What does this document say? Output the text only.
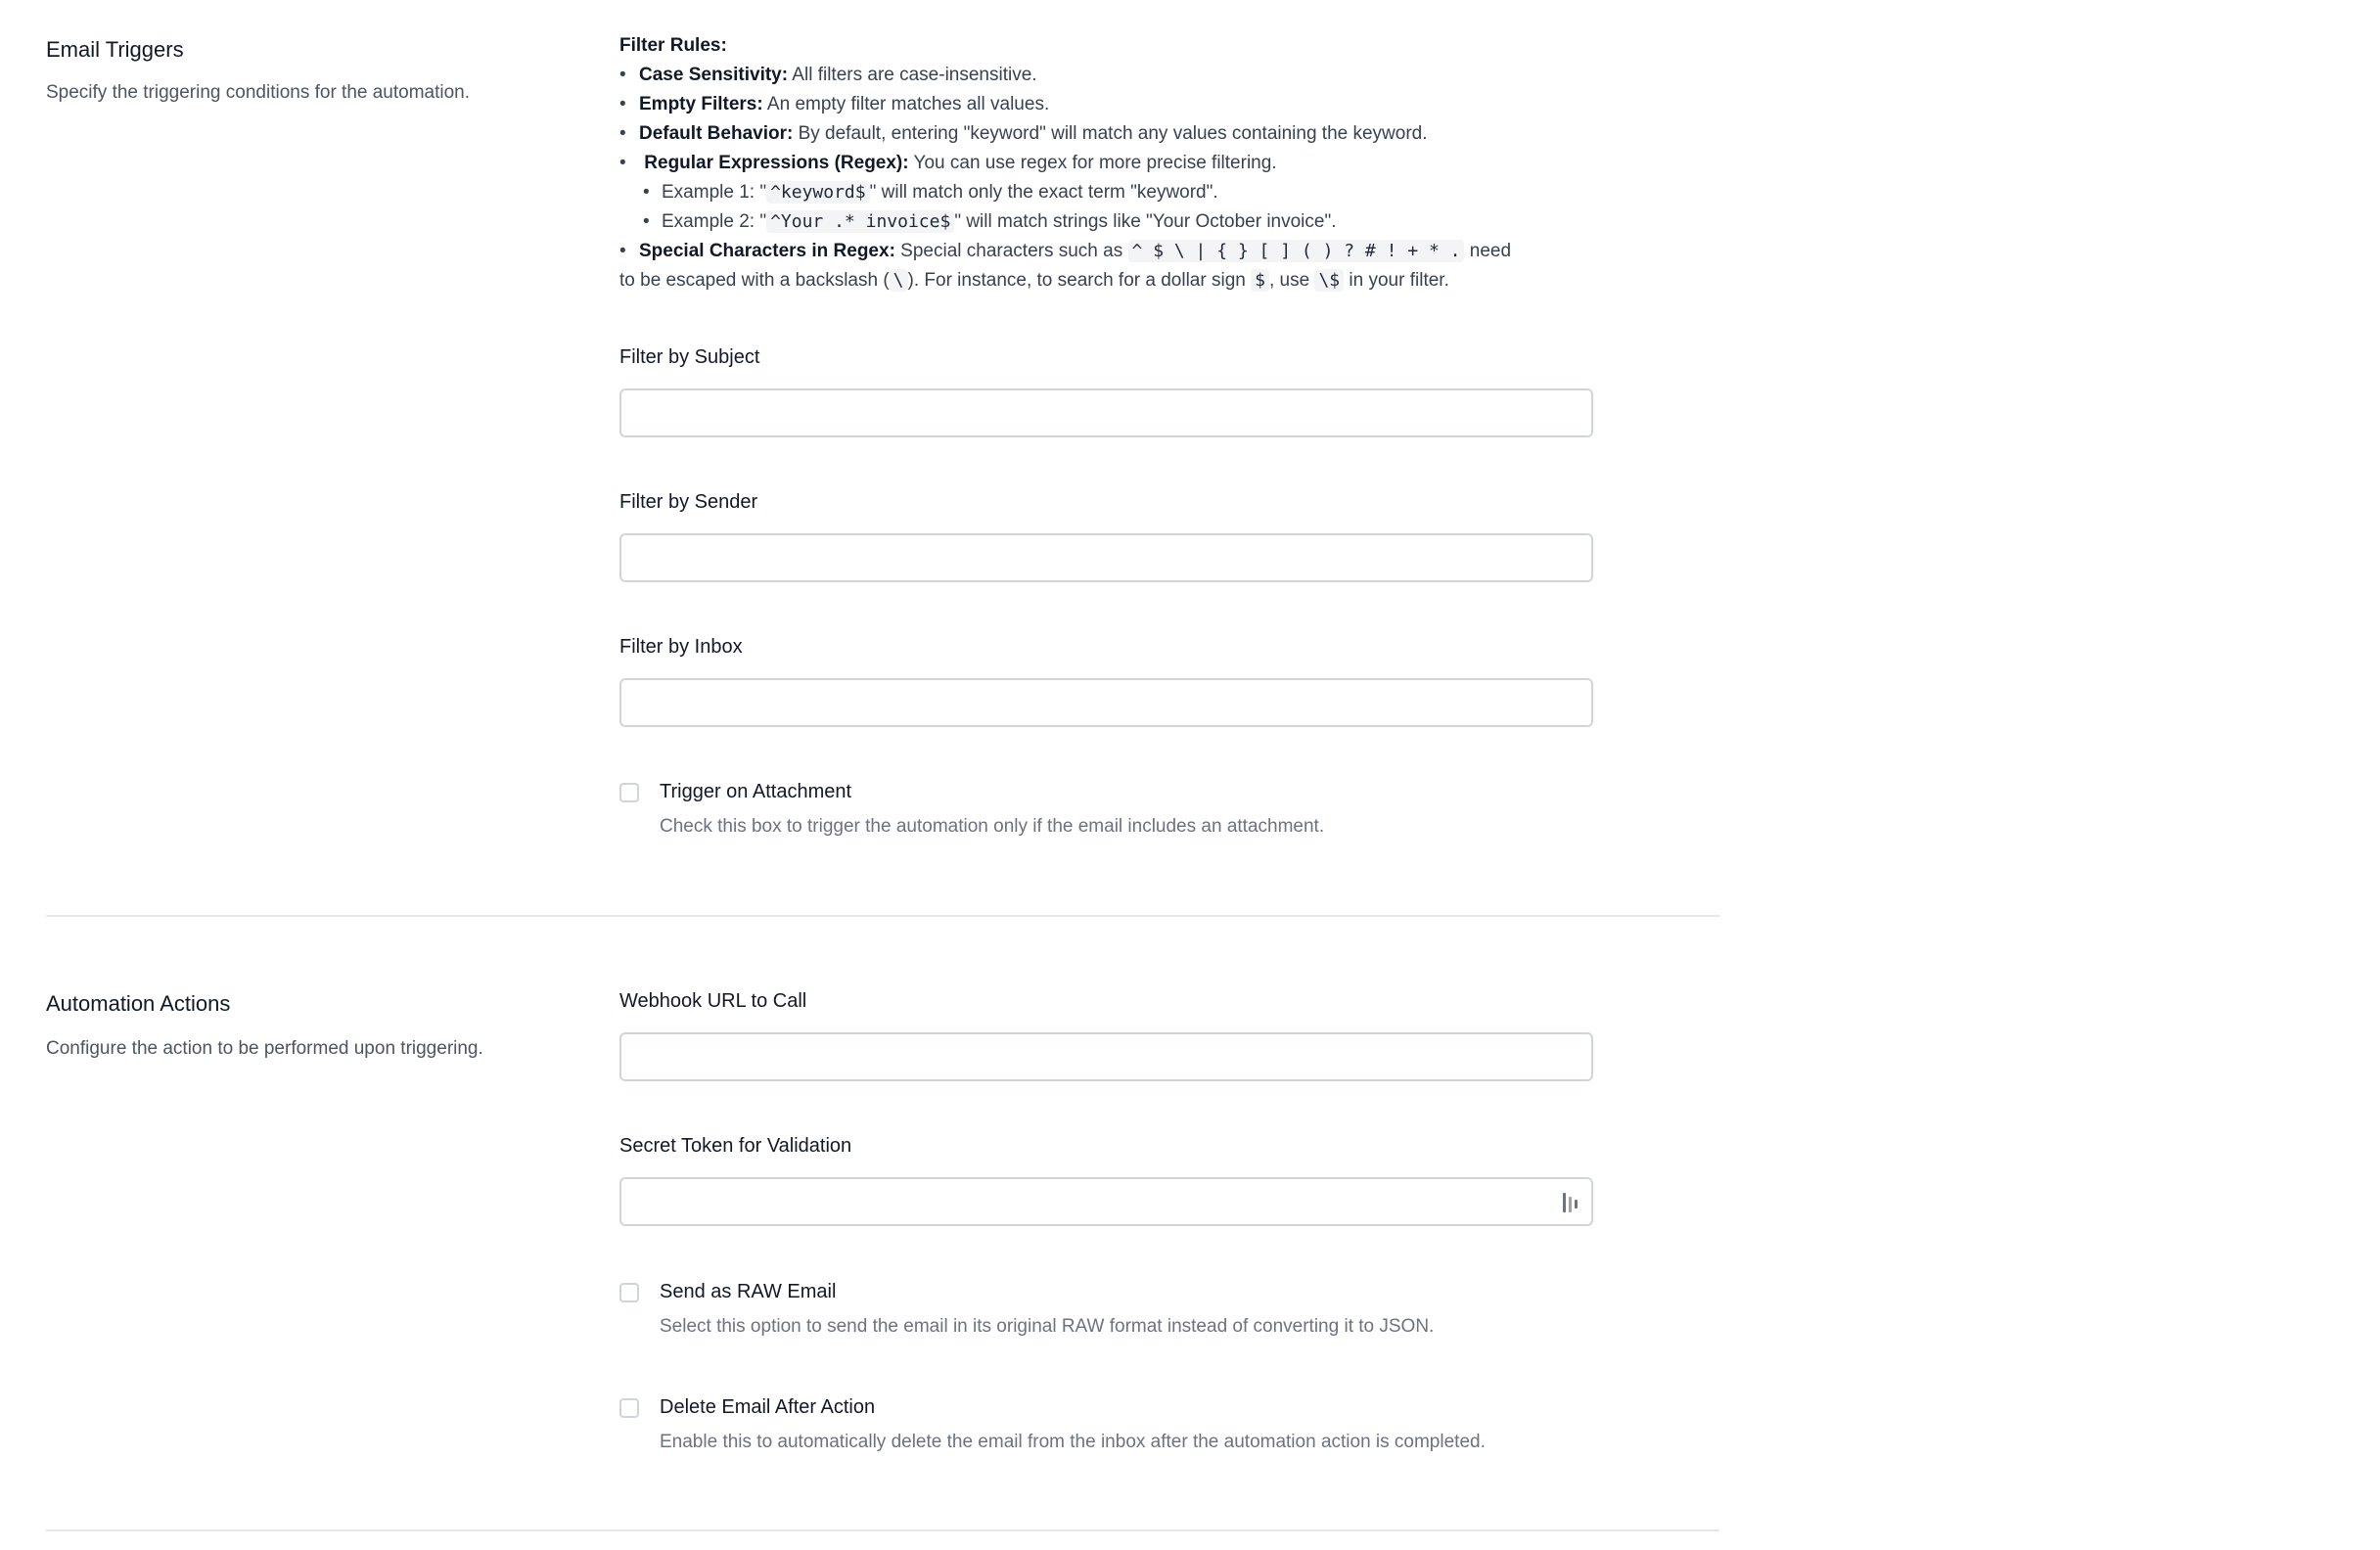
Email Triggers
Specify the triggering conditions for the automation.
Filter Rules:
• Case Sensitivity: All filters are case-insensitive.
• Empty Filters: An empty filter matches all values.
• Default Behavior: By default, entering "keyword" will match any values containing the keyword.
• Regular Expressions (Regex): You can use regex for more precise filtering.
• Example 1: " ^keyword$ " will match only the exact term "keyword".
• Example 2: " ^Your .* invoice$ " will match strings like "Your October invoice".
• Special Characters in Regex: Special characters such as ^ $ \ | { } [ ] ( ) ? # ! + * . need
to be escaped with a backslash ( \ ). For instance, to search for a dollar sign $ , use \$ in your filter.
Filter by Subject
Filter by Sender
Filter by Inbox
Trigger on Attachment
Check this box to trigger the automation only if the email includes an attachment.
Automation Actions
Configure the action to be performed upon triggering.
Webhook URL to Call
Secret Token for Validation
Send as RAW Email
Select this option to send the email in its original RAW format instead of converting it to JSON.
Delete Email After Action
Enable this to automatically delete the email from the inbox after the automation action is completed.
